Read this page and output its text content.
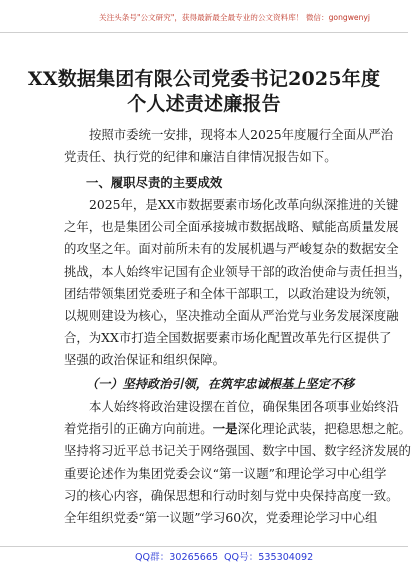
关注头条号"公文研究"，获得最新最全最专业的公文资料库！ 微信：gongwenyj
XX数据集团有限公司党委书记2025年度
个人述责述廉报告
按照市委统一安排，现将本人2025年度履行全面从严治
党责任、执行党的纪律和廉洁自律情况报告如下。
一、履职尽责的主要成效
2025年，是XX市数据要素市场化改革向纵深推进的关键
之年，也是集团公司全面承接城市数据战略、赋能高质量发展
的攻坚之年。面对前所未有的发展机遇与严峻复杂的数据安全
挑战，本人始终牢记国有企业领导干部的政治使命与责任担当，
团结带领集团党委班子和全体干部职工，以政治建设为统领，
以规则建设为核心，坚决推动全面从严治党与业务发展深度融
合，为XX市打造全国数据要素市场化配置改革先行区提供了
坚强的政治保证和组织保障。
（一）坚持政治引领，在筑牢忠诚根基上坚定不移
本人始终将政治建设摆在首位，确保集团各项事业始终沿
着党指引的正确方向前进。一是深化理论武装，把稳思想之舵。
坚持将习近平总书记关于网络强国、数字中国、数字经济发展的
重要论述作为集团党委会议“第一议题”和理论学习中心组学
习的核心内容，确保思想和行动时刻与党中央保持高度一致。
全年组织党委“第一议题”学习60次，党委理论学习中心组
QQ群：30265665 QQ号：535304092
